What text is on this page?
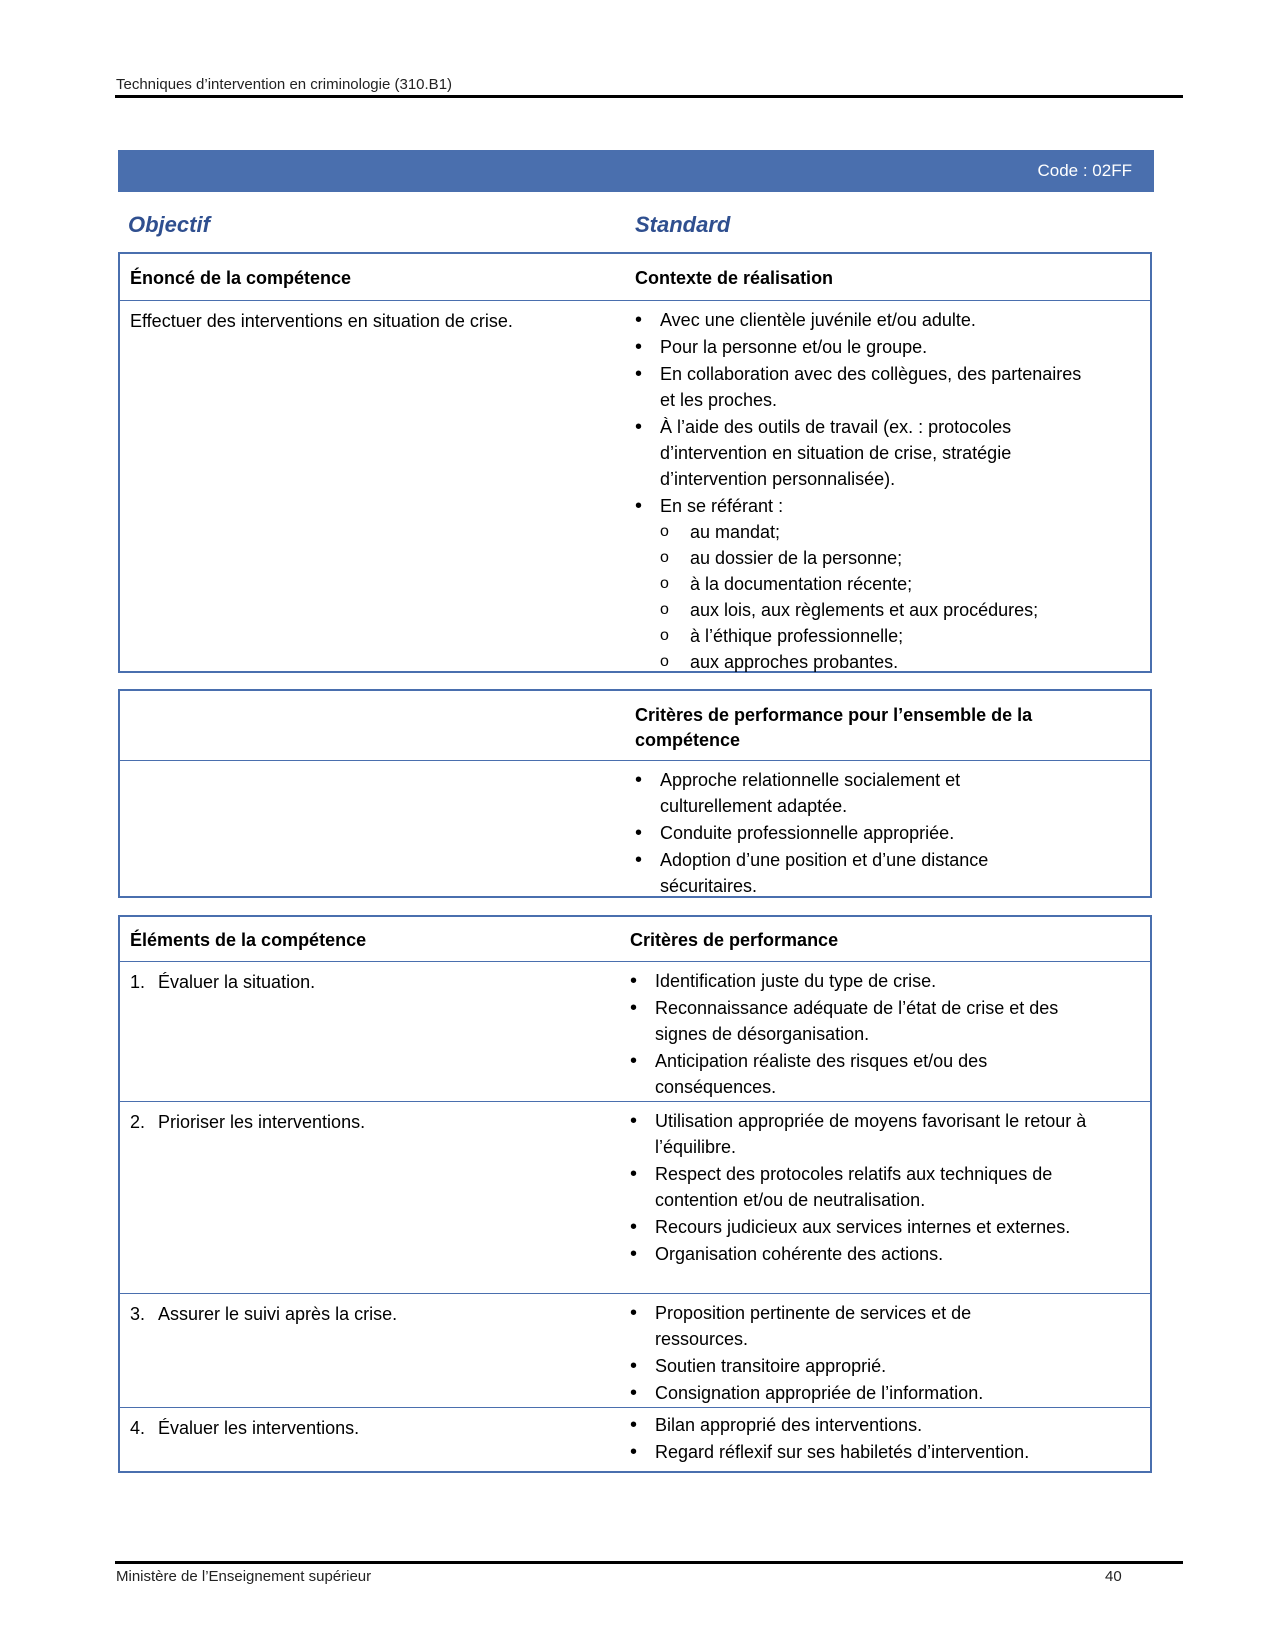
Techniques d’intervention en criminologie (310.B1)
Code : 02FF
Objectif	Standard
Énoncé de la compétence	Contexte de réalisation
Effectuer des interventions en situation de crise.	• Avec une clientèle juvénile et/ou adulte.
• Pour la personne et/ou le groupe.
• En collaboration avec des collègues, des partenaires et les proches.
• À l’aide des outils de travail (ex. : protocoles d’intervention en situation de crise, stratégie d’intervention personnalisée).
• En se référant :
o au mandat;
o au dossier de la personne;
o à la documentation récente;
o aux lois, aux règlements et aux procédures;
o à l’éthique professionnelle;
o aux approches probantes.
Critères de performance pour l’ensemble de la compétence
• Approche relationnelle socialement et culturellement adaptée.
• Conduite professionnelle appropriée.
• Adoption d’une position et d’une distance sécuritaires.
Éléments de la compétence	Critères de performance
1. Évaluer la situation.	• Identification juste du type de crise.
• Reconnaissance adéquate de l’état de crise et des signes de désorganisation.
• Anticipation réaliste des risques et/ou des conséquences.
2. Prioriser les interventions.	• Utilisation appropriée de moyens favorisant le retour à l’équilibre.
• Respect des protocoles relatifs aux techniques de contention et/ou de neutralisation.
• Recours judicieux aux services internes et externes.
• Organisation cohérente des actions.
3. Assurer le suivi après la crise.	• Proposition pertinente de services et de ressources.
• Soutien transitoire approprié.
• Consignation appropriée de l’information.
4. Évaluer les interventions.	• Bilan approprié des interventions.
• Regard réflexif sur ses habiletés d’intervention.
Ministère de l’Enseignement supérieur	40
